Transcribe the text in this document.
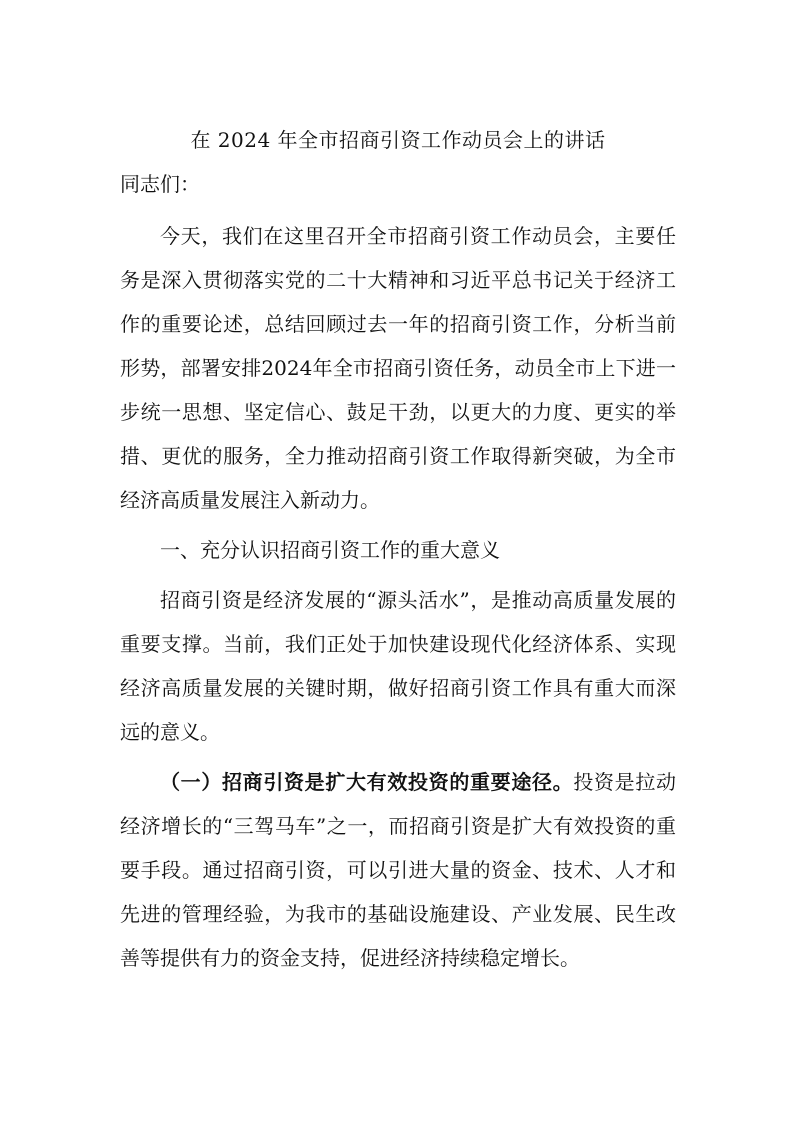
在 2024 年全市招商引资工作动员会上的讲话

同志们：

今天，我们在这里召开全市招商引资工作动员会，主要任务是深入贯彻落实党的二十大精神和习近平总书记关于经济工作的重要论述，总结回顾过去一年的招商引资工作，分析当前形势，部署安排2024年全市招商引资任务，动员全市上下进一步统一思想、坚定信心、鼓足干劲，以更大的力度、更实的举措、更优的服务，全力推动招商引资工作取得新突破，为全市经济高质量发展注入新动力。

一、充分认识招商引资工作的重大意义

招商引资是经济发展的“源头活水”，是推动高质量发展的重要支撑。当前，我们正处于加快建设现代化经济体系、实现经济高质量发展的关键时期，做好招商引资工作具有重大而深远的意义。

（一）招商引资是扩大有效投资的重要途径。投资是拉动经济增长的“三驾马车”之一，而招商引资是扩大有效投资的重要手段。通过招商引资，可以引进大量的资金、技术、人才和先进的管理经验，为我市的基础设施建设、产业发展、民生改善等提供有力的资金支持，促进经济持续稳定增长。
